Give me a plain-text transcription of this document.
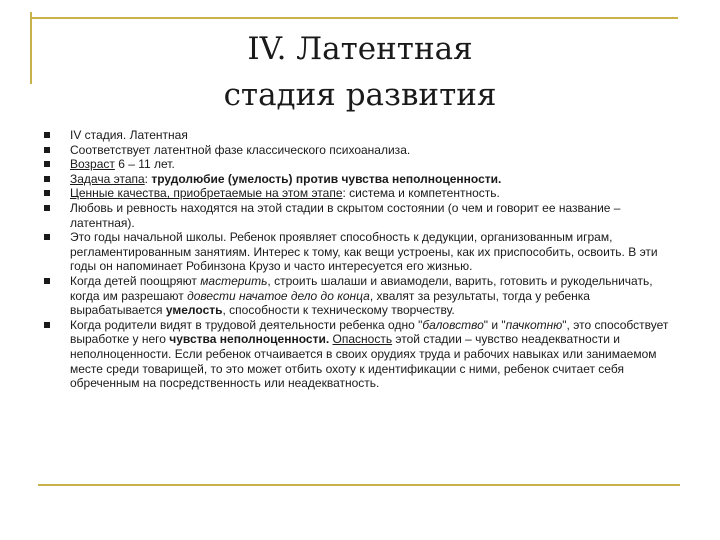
IV. Латентная
стадия развития
IV стадия. Латентная
Соответствует латентной фазе классического психоанализа.
Возраст 6 – 11 лет.
Задача этапа: трудолюбие (умелость) против чувства неполноценности.
Ценные качества, приобретаемые на этом этапе: система и компетентность.
Любовь и ревность находятся на этой стадии в скрытом состоянии (о чем и говорит ее название – латентная).
Это годы начальной школы. Ребенок проявляет способность к дедукции, организованным играм, регламентированным занятиям. Интерес к тому, как вещи устроены, как их приспособить, освоить. В эти годы он напоминает Робинзона Крузо и часто интересуется его жизнью.
Когда детей поощряют мастерить, строить шалаши и авиамодели, варить, готовить и рукодельничать, когда им разрешают довести начатое дело до конца, хвалят за результаты, тогда у ребенка вырабатывается умелость, способности к техническому творчеству.
Когда родители видят в трудовой деятельности ребенка одно "баловство" и "пачкотню", это способствует выработке у него чувства неполноценности. Опасность этой стадии – чувство неадекватности и неполноценности. Если ребенок отчаивается в своих орудиях труда и рабочих навыках или занимаемом месте среди товарищей, то это может отбить охоту к идентификации с ними, ребенок считает себя обреченным на посредственность или неадекватность.
